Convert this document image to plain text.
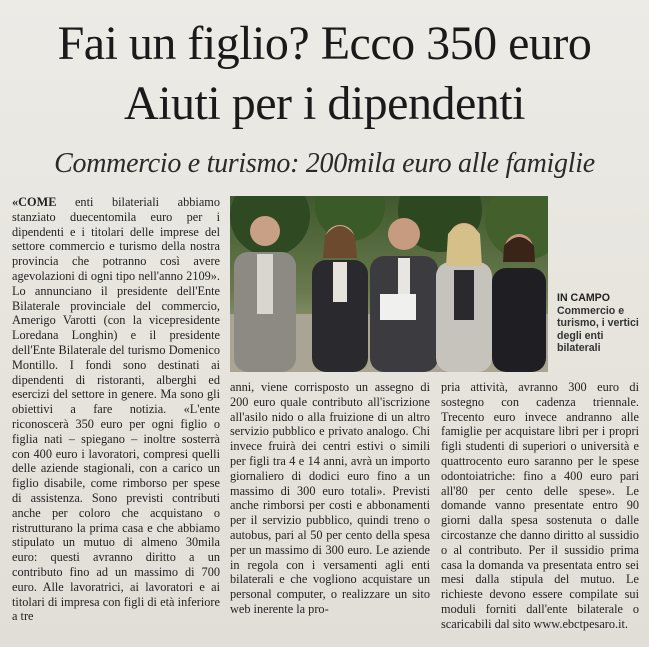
Fai un figlio? Ecco 350 euro
Aiuti per i dipendenti
Commercio e turismo: 200mila euro alle famiglie

«COME enti bilateriali abbiamo stanziato duecentomila euro per i dipendenti e i titolari delle imprese del settore commercio e turismo della nostra provincia che potranno così avere agevolazioni di ogni tipo nell'anno 2109». Lo annunciano il presidente dell'Ente Bilaterale provinciale del commercio, Amerigo Varotti (con la vicepresidente Loredana Longhin) e il presidente dell'Ente Bilaterale del turismo Domenico Montillo. I fondi sono destinati ai dipendenti di ristoranti, alberghi ed esercizi del settore in genere. Ma sono gli obiettivi a fare notizia. «L'ente riconoscerà 350 euro per ogni figlio o figlia nati – spiegano – inoltre sosterrà con 400 euro i lavoratori, compresi quelli delle aziende stagionali, con a carico un figlio disabile, come rimborso per spese di assistenza. Sono previsti contributi anche per coloro che acquistano o ristrutturano la prima casa e che abbiamo stipulato un mutuo di almeno 30mila euro: questi avranno diritto a un contributo fino ad un massimo di 700 euro. Alle lavoratrici, ai lavoratori e ai titolari di impresa con figli di età inferiore a tre

IN CAMPO
Commercio e turismo, i vertici degli enti bilaterali

anni, viene corrisposto un assegno di 200 euro quale contributo all'iscrizione all'asilo nido o alla fruizione di un altro servizio pubblico e privato analogo. Chi invece fruirà dei centri estivi o simili per figli tra 4 e 14 anni, avrà un importo giornaliero di dodici euro fino a un massimo di 300 euro totali». Previsti anche rimborsi per costi e abbonamenti per il servizio pubblico, quindi treno o autobus, pari al 50 per cento della spesa per un massimo di 300 euro. Le aziende in regola con i versamenti agli enti bilaterali e che vogliono acquistare un personal computer, o realizzare un sito web inerente la pro-

pria attività, avranno 300 euro di sostegno con cadenza triennale. Trecento euro invece andranno alle famiglie per acquistare libri per i propri figli studenti di superiori o università e quattrocento euro saranno per le spese odontoiatriche: fino a 400 euro pari all'80 per cento delle spese». Le domande vanno presentate entro 90 giorni dalla spesa sostenuta o dalle circostanze che danno diritto al sussidio o al contributo. Per il sussidio prima casa la domanda va presentata entro sei mesi dalla stipula del mutuo. Le richieste devono essere compilate sui moduli forniti dall'ente bilaterale o scaricabili dal sito www.ebctpesaro.it.
